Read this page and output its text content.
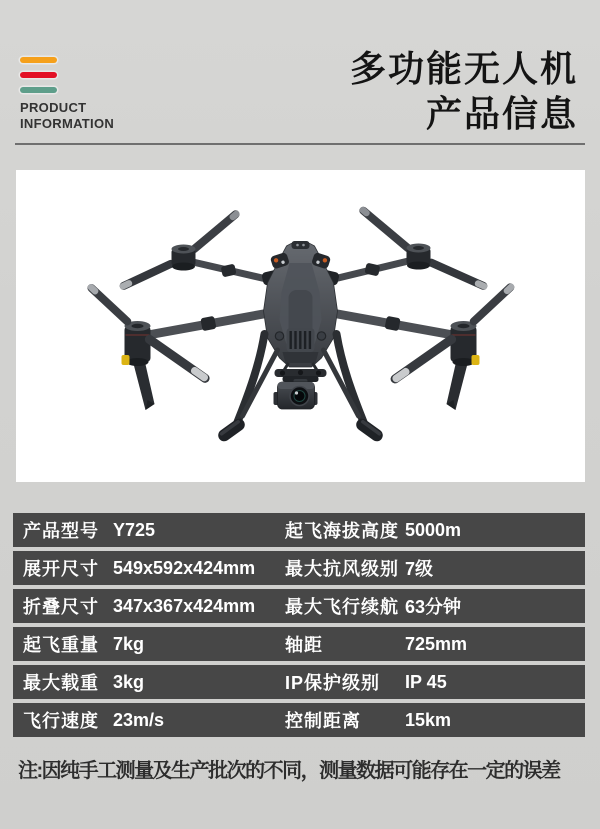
PRODUCT
INFORMATION
多功能无人机
产品信息
产品型号 Y725	起飞海拔高度 5000m
展开尺寸 549x592x424mm	最大抗风级别 7级
折叠尺寸 347x367x424mm	最大飞行续航 63分钟
起飞重量 7kg	轴距	725mm
最大载重 3kg	IP保护级别	IP 45
飞行速度 23m/s	控制距离	15km

注:因纯手工测量及生产批次的不同，测量数据可能存在一定的误差
